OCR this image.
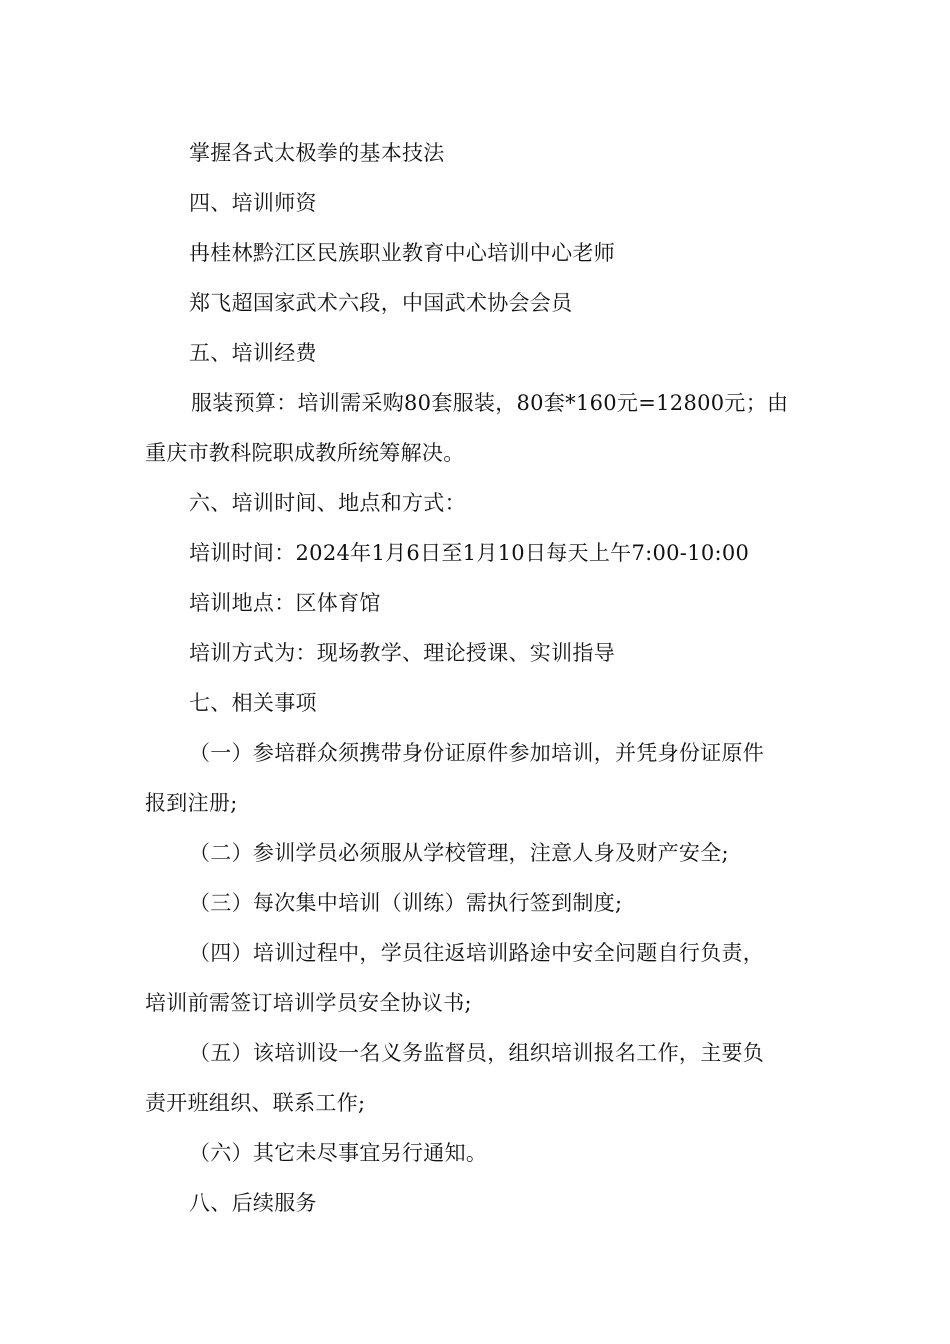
掌握各式太极拳的基本技法
四、培训师资
冉桂林黔江区民族职业教育中心培训中心老师
郑飞超国家武术六段，中国武术协会会员
五、培训经费
服装预算：培训需采购80套服装，80套*160元=12800元；由
重庆市教科院职成教所统筹解决。
六、培训时间、地点和方式：
培训时间：2024年1月6日至1月10日每天上午7:00-10:00
培训地点：区体育馆
培训方式为：现场教学、理论授课、实训指导
七、相关事项
（一）参培群众须携带身份证原件参加培训，并凭身份证原件
报到注册;
（二）参训学员必须服从学校管理，注意人身及财产安全;
（三）每次集中培训（训练）需执行签到制度;
（四）培训过程中，学员往返培训路途中安全问题自行负责，
培训前需签订培训学员安全协议书;
（五）该培训设一名义务监督员，组织培训报名工作，主要负
责开班组织、联系工作;
（六）其它未尽事宜另行通知。
八、后续服务
